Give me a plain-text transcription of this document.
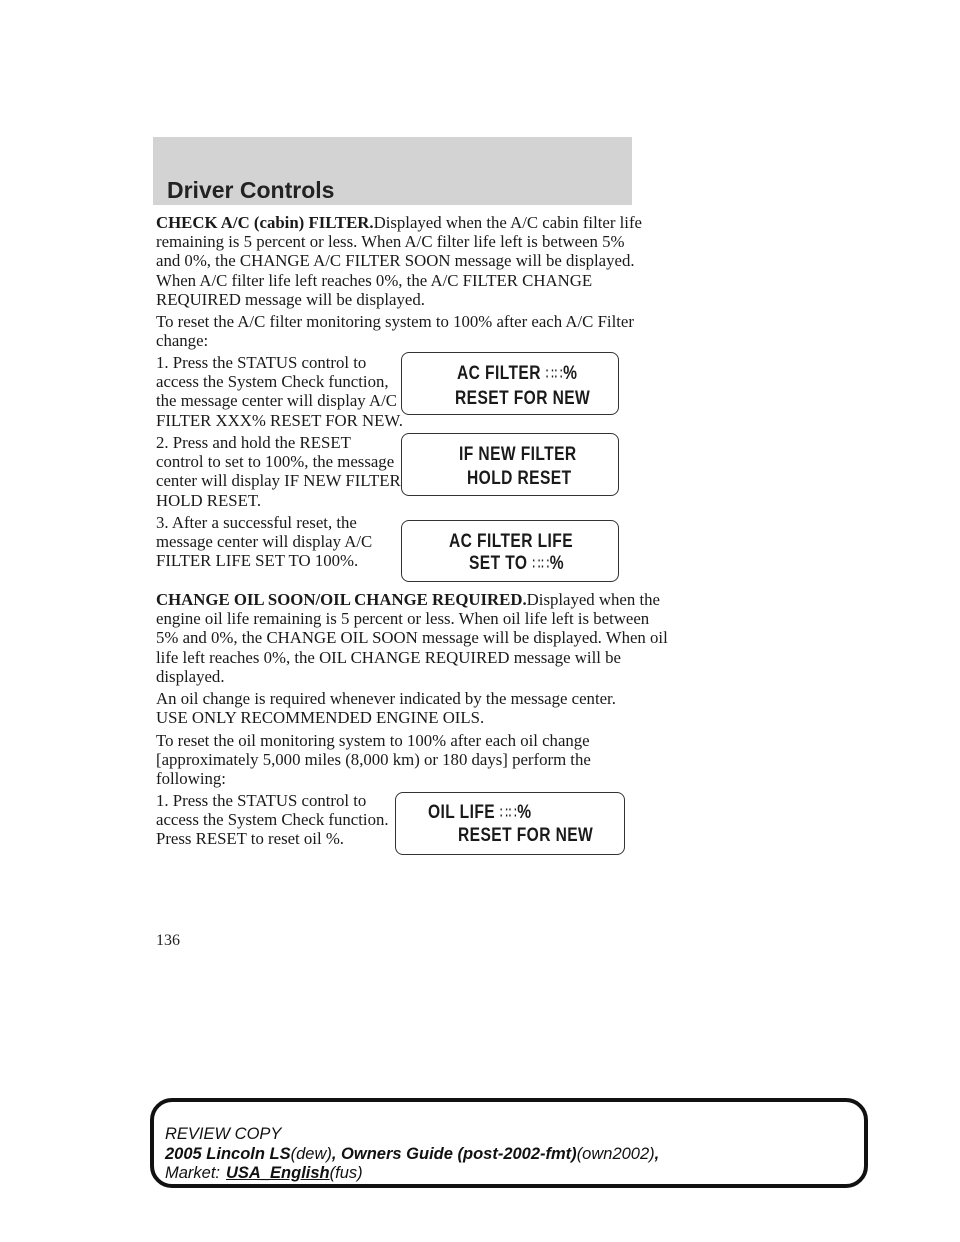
Driver Controls

CHECK A/C (cabin) FILTER.Displayed when the A/C cabin filter life
remaining is 5 percent or less. When A/C filter life left is between 5%
and 0%, the CHANGE A/C FILTER SOON message will be displayed.
When A/C filter life left reaches 0%, the A/C FILTER CHANGE
REQUIRED message will be displayed.

To reset the A/C filter monitoring system to 100% after each A/C Filter
change:

1. Press the STATUS control to
access the System Check function,
the message center will display A/C
FILTER XXX% RESET FOR NEW.

2. Press and hold the RESET
control to set to 100%, the message
center will display IF NEW FILTER
HOLD RESET.

3. After a successful reset, the
message center will display A/C
FILTER LIFE SET TO 100%.

AC FILTER ∷∷%
RESET FOR NEW
IF NEW FILTER
HOLD RESET
AC FILTER LIFE
SET TO ∷∷%

CHANGE OIL SOON/OIL CHANGE REQUIRED.Displayed when the
engine oil life remaining is 5 percent or less. When oil life left is between
5% and 0%, the CHANGE OIL SOON message will be displayed. When oil
life left reaches 0%, the OIL CHANGE REQUIRED message will be
displayed.

An oil change is required whenever indicated by the message center.
USE ONLY RECOMMENDED ENGINE OILS.

To reset the oil monitoring system to 100% after each oil change
[approximately 5,000 miles (8,000 km) or 180 days] perform the
following:

1. Press the STATUS control to
access the System Check function.
Press RESET to reset oil %.

OIL LIFE ∷∷%
RESET FOR NEW
136
REVIEW COPY
2005 Lincoln LS(dew), Owners Guide (post-2002-fmt)(own2002),
Market: USA_English(fus)
